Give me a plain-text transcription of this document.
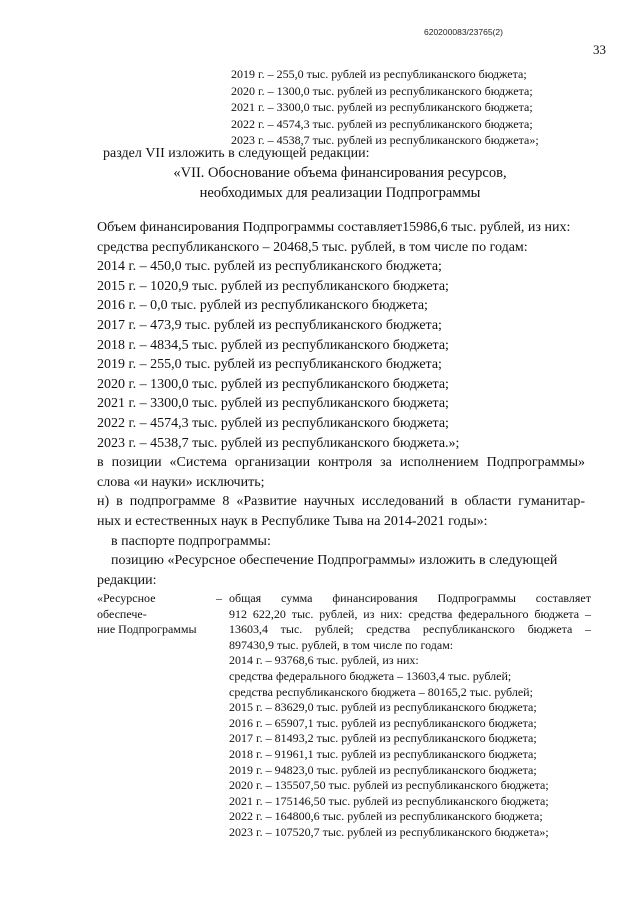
620200083/23765(2)
33
2019 г. – 255,0 тыс. рублей из республиканского бюджета;
2020 г. – 1300,0 тыс. рублей из республиканского бюджета;
2021 г. – 3300,0 тыс. рублей из республиканского бюджета;
2022 г. – 4574,3 тыс. рублей из республиканского бюджета;
2023 г. – 4538,7 тыс. рублей из республиканского бюджета»;
раздел VII изложить в следующей редакции:
«VII. Обоснование объема финансирования ресурсов,
необходимых для реализации Подпрограммы
Объем финансирования Подпрограммы составляет15986,6 тыс. рублей, из них:
средства республиканского – 20468,5 тыс. рублей, в том числе по годам:
2014 г. – 450,0 тыс. рублей из республиканского бюджета;
2015 г. – 1020,9 тыс. рублей из республиканского бюджета;
2016 г. – 0,0 тыс. рублей из республиканского бюджета;
2017 г. – 473,9 тыс. рублей из республиканского бюджета;
2018 г. – 4834,5 тыс. рублей из республиканского бюджета;
2019 г. – 255,0 тыс. рублей из республиканского бюджета;
2020 г. – 1300,0 тыс. рублей из республиканского бюджета;
2021 г. – 3300,0 тыс. рублей из республиканского бюджета;
2022 г. – 4574,3 тыс. рублей из республиканского бюджета;
2023 г. – 4538,7 тыс. рублей из республиканского бюджета.»;
в позиции «Система организации контроля за исполнением Подпрограммы»
слова «и науки» исключить;
н) в подпрограмме 8 «Развитие научных исследований в области гуманитар-
ных и естественных наук в Республике Тыва на 2014-2021 годы»:
в паспорте подпрограммы:
позицию «Ресурсное обеспечение Подпрограммы» изложить в следующей
редакции:
«Ресурсное обеспече-
ние Подпрограммы
– общая сумма финансирования Подпрограммы составляет
912 622,20 тыс. рублей, из них: средства федерального бюджета –
13603,4 тыс. рублей; средства республиканского бюджета –
897430,9 тыс. рублей, в том числе по годам:
2014 г. – 93768,6 тыс. рублей, из них:
средства федерального бюджета – 13603,4 тыс. рублей;
средства республиканского бюджета – 80165,2 тыс. рублей;
2015 г. – 83629,0 тыс. рублей из республиканского бюджета;
2016 г. – 65907,1 тыс. рублей из республиканского бюджета;
2017 г. – 81493,2 тыс. рублей из республиканского бюджета;
2018 г. – 91961,1 тыс. рублей из республиканского бюджета;
2019 г. – 94823,0 тыс. рублей из республиканского бюджета;
2020 г. – 135507,50 тыс. рублей из республиканского бюджета;
2021 г. – 175146,50 тыс. рублей из республиканского бюджета;
2022 г. – 164800,6 тыс. рублей из республиканского бюджета;
2023 г. – 107520,7 тыс. рублей из республиканского бюджета»;
